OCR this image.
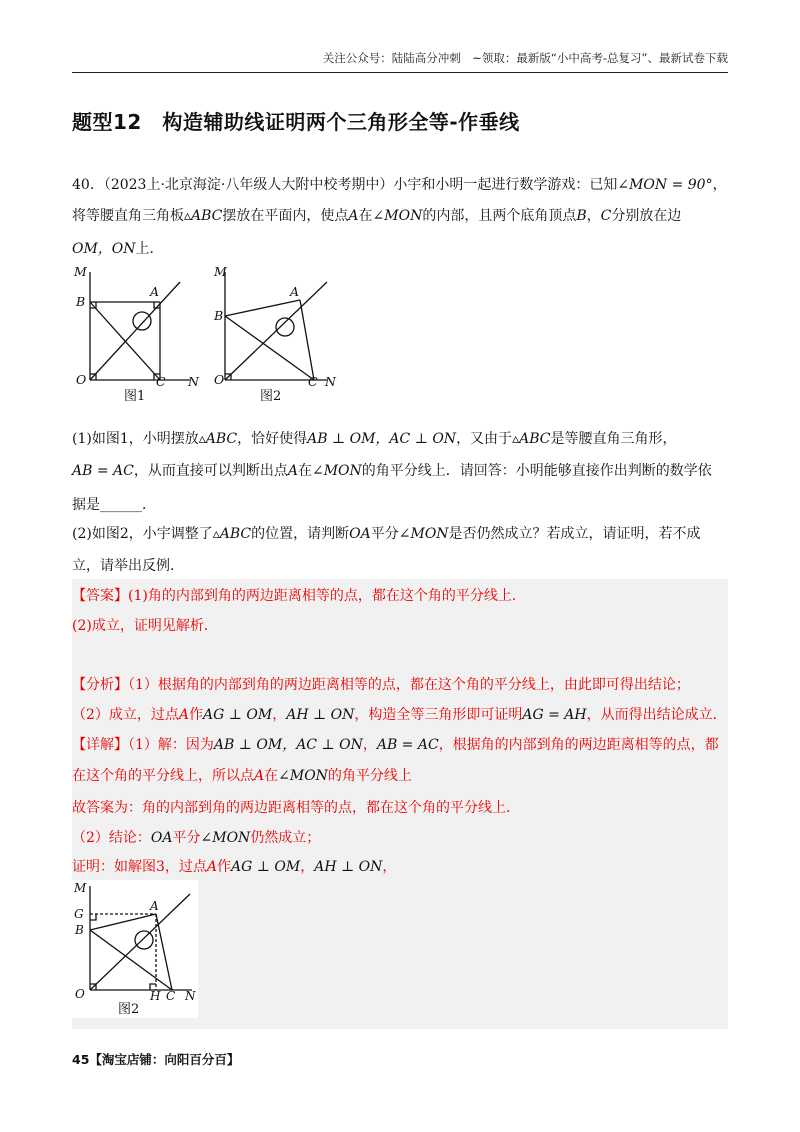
关注公众号：陆陆高分冲刺　~领取：最新版“小中高考-总复习”、最新试卷下载
题型12　构造辅助线证明两个三角形全等-作垂线
40．（2023上·北京海淀·八年级人大附中校考期中）小宇和小明一起进行数学游戏：已知∠MON = 90°，
将等腰直角三角板▵ABC摆放在平面内，使点A在∠MON的内部，且两个底角顶点B，C分别放在边
OM，ON上．
M
B
A
O	C N
M
B
A
O	C N
图1	图2
(1)如图1，小明摆放▵ABC，恰好使得AB ⊥ OM，AC ⊥ ON，又由于▵ABC是等腰直角三角形，
AB = AC，从而直接可以判断出点A在∠MON的角平分线上．请回答：小明能够直接作出判断的数学依
据是______．
(2)如图2，小宇调整了▵ABC的位置，请判断OA平分∠MON是否仍然成立？若成立，请证明，若不成
立，请举出反例．
【答案】(1)角的内部到角的两边距离相等的点，都在这个角的平分线上．
(2)成立，证明见解析．
【分析】（1）根据角的内部到角的两边距离相等的点，都在这个角的平分线上，由此即可得出结论；
（2）成立，过点A作AG ⊥ OM，AH ⊥ ON，构造全等三角形即可证明AG = AH，从而得出结论成立．
【详解】（1）解：因为AB ⊥ OM，AC ⊥ ON，AB = AC，根据角的内部到角的两边距离相等的点，都
在这个角的平分线上，所以点A在∠MON的角平分线上
故答案为：角的内部到角的两边距离相等的点，都在这个角的平分线上．
（2）结论：OA平分∠MON仍然成立；
证明：如解图3，过点A作AG ⊥ OM，AH ⊥ ON，
M
G
B
A
O	H C N
图2
45【淘宝店铺：向阳百分百】
